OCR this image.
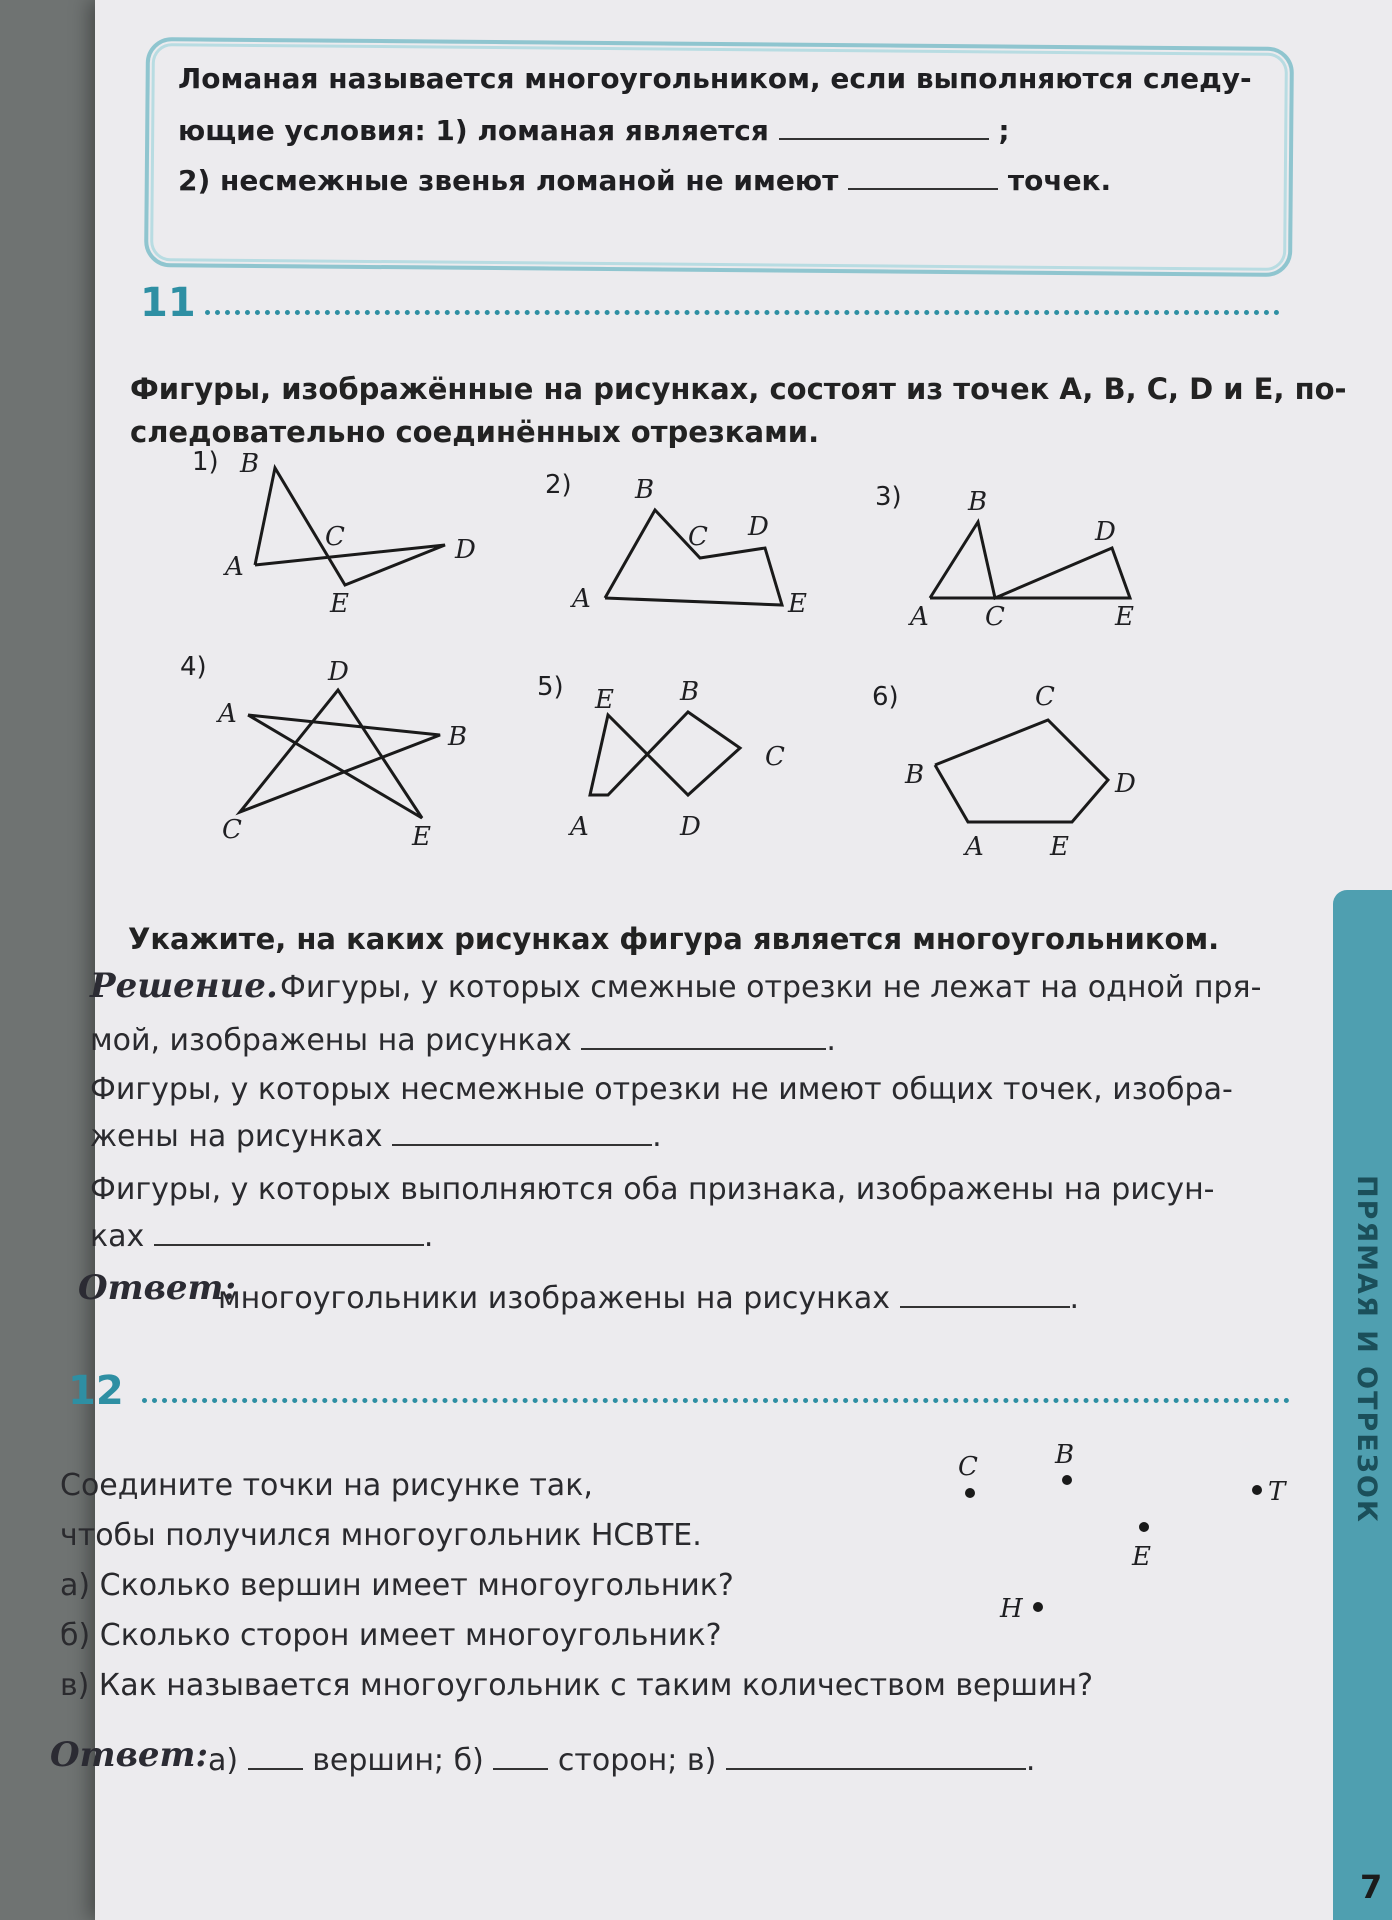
ПРЯМАЯ И ОТРЕЗОК
Ломаная называется многоугольником, если выполняются следу-
ющие условия: 1) ломаная является	;
2) несмежные звенья ломаной не имеют	точек.
11
Фигуры, изображённые на рисунках, состоят из точек A, B, C, D и E, по-
следовательно соединённых отрезками.
1)
2)	3)
4)
5)	6)
B
C	D
A
E
B
C D
A	E
B
D
A C	E
D
A
B
C	E
E	B
C
A	D
C
B	D
A	E
Укажите, на каких рисунках фигура является многоугольником.
Решение. Фигуры, у которых смежные отрезки не лежат на одной пря-
мой, изображены на рисунках	.
Фигуры, у которых несмежные отрезки не имеют общих точек, изобра-
жены на рисунках	.
Фигуры, у которых выполняются оба признака, изображены на рисун-
ках	.
Ответ:
многоугольники изображены на рисунках	.
12
Соедините точки на рисунке так,
чтобы получился многоугольник HCBTE.
а) Сколько вершин имеет многоугольник?
б) Сколько сторон имеет многоугольник?
в) Как называется многоугольник с таким количеством вершин?
C	B
T
E
H
Ответ: а) вершин; б) сторон; в)	.
7
